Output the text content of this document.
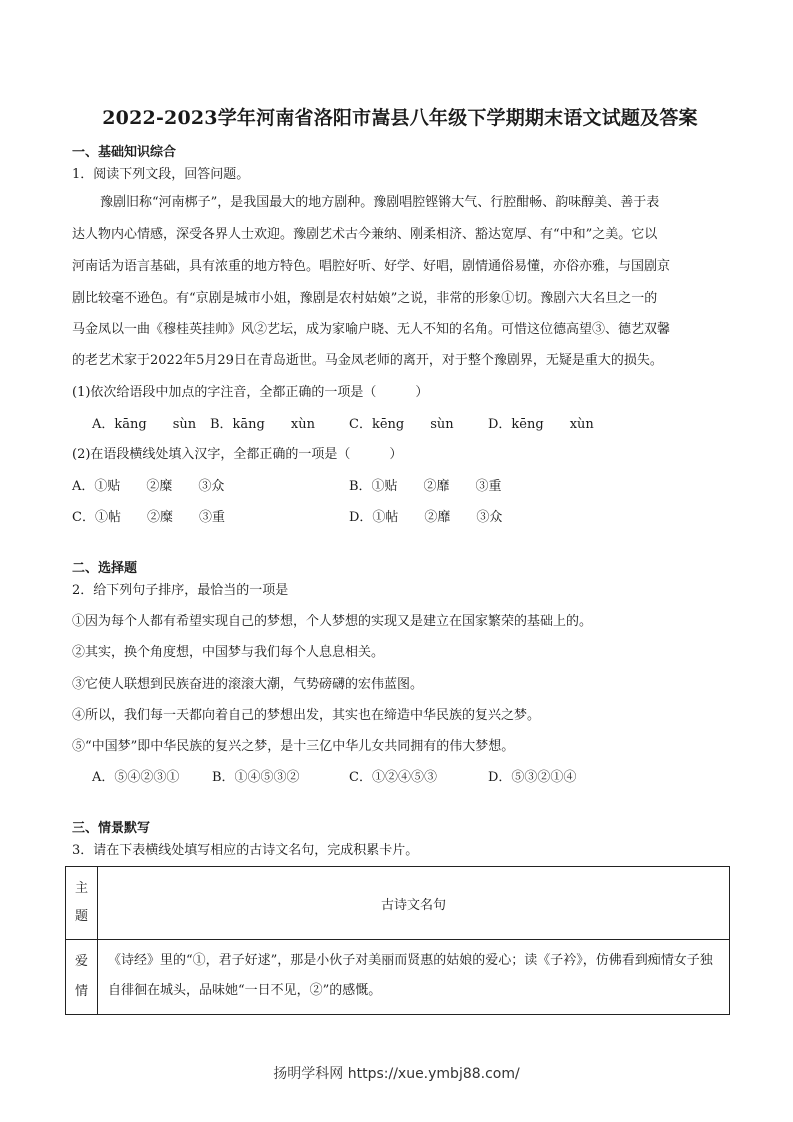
2022-2023学年河南省洛阳市嵩县八年级下学期期末语文试题及答案
一、基础知识综合
1．阅读下列文段，回答问题。
豫剧旧称“河南梆子”，是我国最大的地方剧种。豫剧唱腔铿锵大气、行腔酣畅、韵味醇美、善于表
达人物内心情感，深受各界人士欢迎。豫剧艺术古今兼纳、刚柔相济、豁达宽厚、有“中和”之美。它以
河南话为语言基础，具有浓重的地方特色。唱腔好听、好学、好唱，剧情通俗易懂，亦俗亦雅，与国剧京
剧比较毫不逊色。有“京剧是城市小姐，豫剧是农村姑娘”之说，非常的形象①切。豫剧六大名旦之一的
马金凤以一曲《穆桂英挂帅》风②艺坛，成为家喻户晓、无人不知的名角。可惜这位德高望③、德艺双馨
的老艺术家于2022年5月29日在青岛逝世。马金凤老师的离开，对于整个豫剧界，无疑是重大的损失。
(1)依次给语段中加点的字注音，全都正确的一项是（　　　）
A．kāng　　sùn B．kāng　　xùn	C．kēng　　sùn	D．kēng　　xùn
(2)在语段横线处填入汉字，全都正确的一项是（　　　）
A．①贴　　②糜　　③众	B．①贴　　②靡　　③重
C．①帖　　②糜　　③重	D．①帖　　②靡　　③众
二、选择题
2．给下列句子排序，最恰当的一项是
①因为每个人都有希望实现自己的梦想，个人梦想的实现又是建立在国家繁荣的基础上的。
②其实，换个角度想，中国梦与我们每个人息息相关。
③它使人联想到民族奋进的滚滚大潮，气势磅礴的宏伟蓝图。
④所以，我们每一天都向着自己的梦想出发，其实也在缔造中华民族的复兴之梦。
⑤“中国梦”即中华民族的复兴之梦，是十三亿中华儿女共同拥有的伟大梦想。
A．⑤④②③①	B．①④⑤③②	C．①②④⑤③	D．⑤③②①④
三、情景默写
3．请在下表横线处填写相应的古诗文名句，完成积累卡片。
主
题	古诗文名句

爱
情	《诗经》里的“①，君子好逑”，那是小伙子对美丽而贤惠的姑娘的爱心；读《子衿》，仿佛看到痴情女子独自徘徊在城头，品味她“一日不见，②”的感慨。
扬明学科网 https://xue.ymbj88.com/
